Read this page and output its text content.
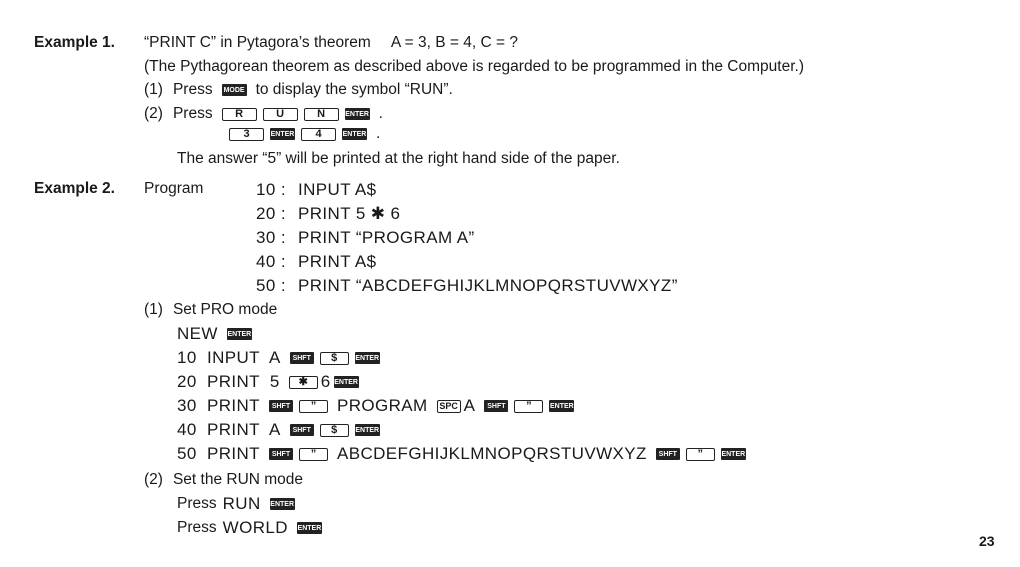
Example 1. “PRINT C” in Pytagora’s theorem A = 3, B = 4, C = ?
(The Pythagorean theorem as described above is regarded to be programmed in the Computer.)
(1) Press MODE to display the symbol “RUN”.
(2) Press	R	U	N	ENTER .
3	ENTER	4	ENTER .
The answer “5” will be printed at the right hand side of the paper.
Example 2. Program	10 : INPUT A$
20 : PRINT 5 ✱ 6
30 : PRINT “PROGRAM A”
40 : PRINT A$
50 : PRINT “ABCDEFGHIJKLMNOPQRSTUVWXYZ”
(1) Set PRO mode
NEW ENTER
10  INPUT  A	SHFT	$	ENTER
20  PRINT  5	✱ 6 ENTER
30  PRINT	SHFT	”	PROGRAM	SPC A	SHFT	”	ENTER
40  PRINT  A	SHFT	$	ENTER
50  PRINT	SHFT	”	ABCDEFGHIJKLMNOPQRSTUVWXYZ	SHFT	”	ENTER
(2) Set the RUN mode
Press RUN ENTER
Press WORLD ENTER
23
